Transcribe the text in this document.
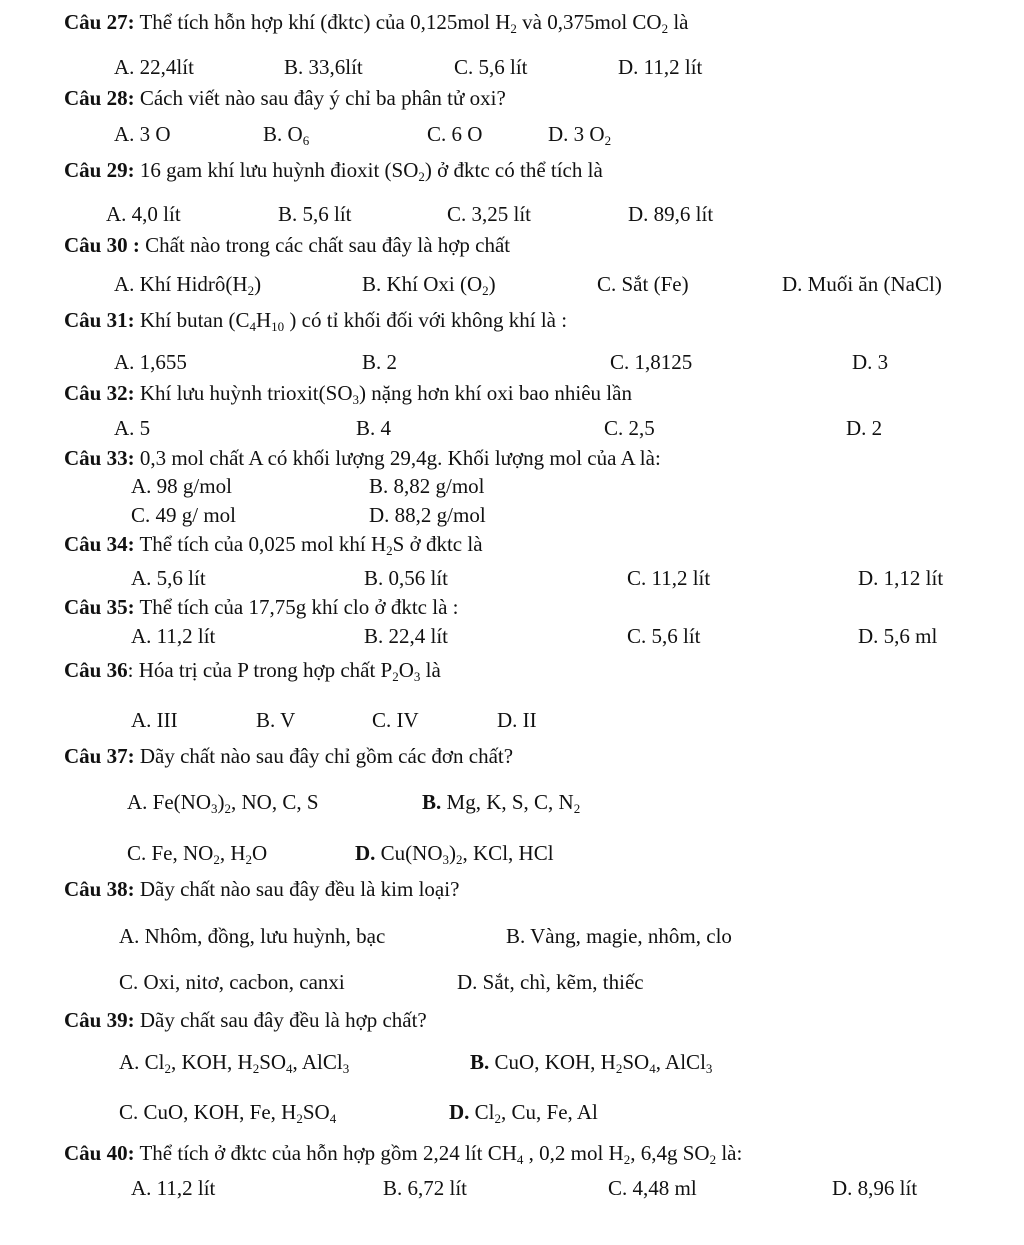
Câu 27: Thể tích hỗn hợp khí (đktc) của 0,125mol $H_2$ và 0,375mol $CO_2$ là
A. 22,4lít	B. 33,6lít	C. 5,6 lít	D. 11,2 lít
Câu 28: Cách viết nào sau đây ý chỉ ba phân tử oxi?
A. 3 O	B. $O_6$	C. 6 O	D. 3 $O_2$
Câu 29: 16 gam khí lưu huỳnh đioxit $(SO_2)$ ở đktc có thể tích là
A. 4,0 lít	B. 5,6 lít	C. 3,25 lít	D. 89,6 lít
Câu 30 : Chất nào trong các chất sau đây là hợp chất
A. Khí $Hidrô(H_2)$	B. Khí Oxi $(O_2)$	C. Sắt (Fe)	D. Muối ăn (NaCl)
Câu 31: Khí butan ($C_4H_{10}$ ) có tỉ khối đối với không khí là :
A. 1,655	B. 2	C. 1,8125	D. 3
Câu 32: Khí lưu huỳnh $trioxit(SO_3)$ nặng hơn khí oxi bao nhiêu lần
A. 5	B. 4	C. 2,5	D. 2
Câu 33: 0,3 mol chất A có khối lượng 29,4g. Khối lượng mol của A là:
A. 98 g/mol	B. 8,82 g/mol
C. 49 g/ mol	D. 88,2 g/mol
Câu 34: Thể tích của 0,025 mol khí $H_2S$ ở đktc là
A. 5,6 lít	B. 0,56 lít	C. 11,2 lít	D. 1,12 lít
Câu 35: Thể tích của 17,75g khí clo ở đktc là :
A. 11,2 lít	B. 22,4 lít	C. 5,6 lít	D. 5,6 ml
Câu 36: Hóa trị của P trong hợp chất $P_2O_3$ là
A. III	B. V	C. IV	D. II
Câu 37: Dãy chất nào sau đây chỉ gồm các đơn chất?
A. $Fe(NO_3)_2$, NO, C, S	B. Mg, K, S, C, $N_2$
C. Fe, $NO_2$, $H_2O$	D. $Cu(NO_3)_2$, KCl, HCl
Câu 38: Dãy chất nào sau đây đều là kim loại?
A. Nhôm, đồng, lưu huỳnh, bạc	B. Vàng, magie, nhôm, clo
C. Oxi, nitơ, cacbon, canxi	D. Sắt, chì, kẽm, thiếc
Câu 39: Dãy chất sau đây đều là hợp chất?
A. $Cl_2$, KOH, $H_2SO_4$, AlCl$_3$	B. CuO, KOH, $H_2SO_4$, AlCl$_3$
C. CuO, KOH, Fe, $H_2SO_4$	D. $Cl_2$, Cu, Fe, Al
Câu 40: Thể tích ở đktc của hỗn hợp gồm 2,24 lít $CH_4$ , 0,2 mol $H_2$, 6,4g $SO_2$ là:
A. 11,2 lít	B. 6,72 lít	C. 4,48 ml	D. 8,96 lít
